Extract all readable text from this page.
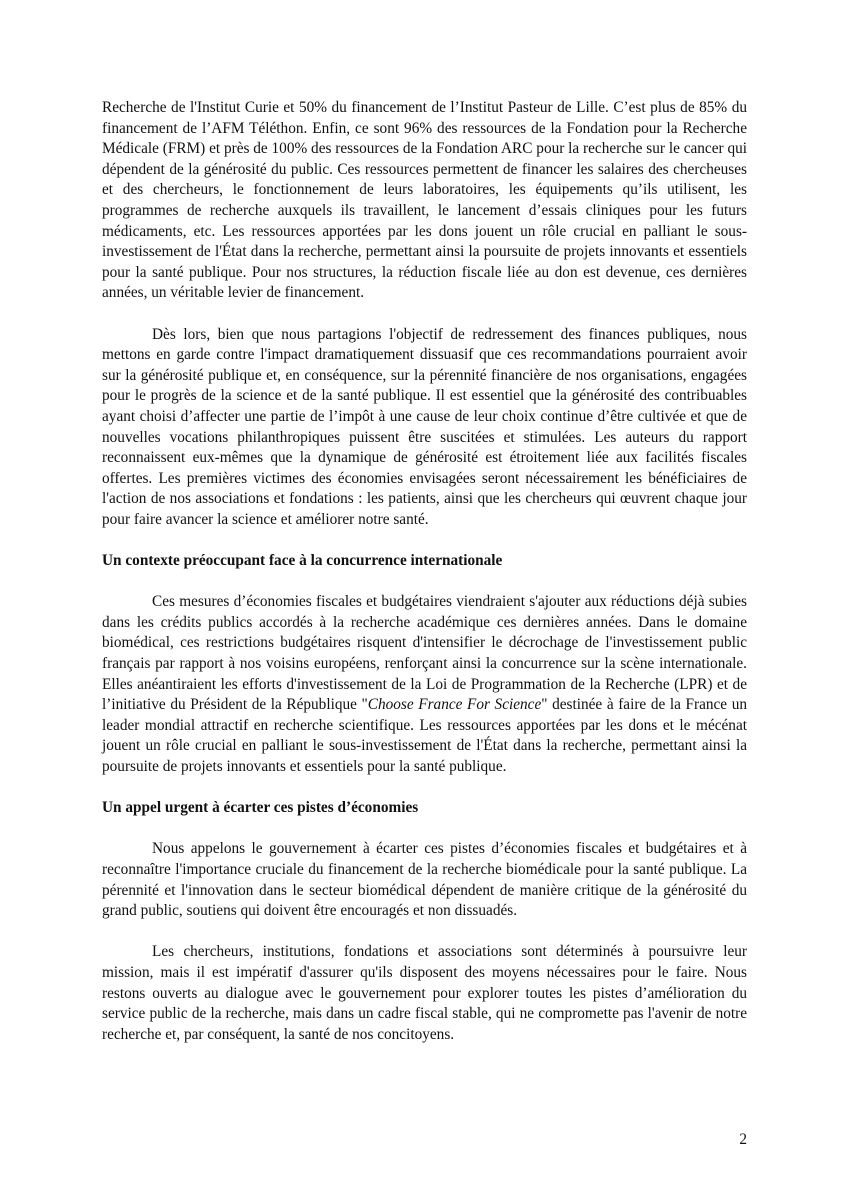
Recherche de l'Institut Curie et 50% du financement de l’Institut Pasteur de Lille. C’est plus de 85% du financement de l’AFM Téléthon. Enfin, ce sont 96% des ressources de la Fondation pour la Recherche Médicale (FRM) et près de 100% des ressources de la Fondation ARC pour la recherche sur le cancer qui dépendent de la générosité du public. Ces ressources permettent de financer les salaires des chercheuses et des chercheurs, le fonctionnement de leurs laboratoires, les équipements qu’ils utilisent, les programmes de recherche auxquels ils travaillent, le lancement d’essais cliniques pour les futurs médicaments, etc. Les ressources apportées par les dons jouent un rôle crucial en palliant le sous-investissement de l'État dans la recherche, permettant ainsi la poursuite de projets innovants et essentiels pour la santé publique. Pour nos structures, la réduction fiscale liée au don est devenue, ces dernières années, un véritable levier de financement.

Dès lors, bien que nous partagions l'objectif de redressement des finances publiques, nous mettons en garde contre l'impact dramatiquement dissuasif que ces recommandations pourraient avoir sur la générosité publique et, en conséquence, sur la pérennité financière de nos organisations, engagées pour le progrès de la science et de la santé publique. Il est essentiel que la générosité des contribuables ayant choisi d’affecter une partie de l’impôt à une cause de leur choix continue d’être cultivée et que de nouvelles vocations philanthropiques puissent être suscitées et stimulées. Les auteurs du rapport reconnaissent eux-mêmes que la dynamique de générosité est étroitement liée aux facilités fiscales offertes. Les premières victimes des économies envisagées seront nécessairement les bénéficiaires de l'action de nos associations et fondations : les patients, ainsi que les chercheurs qui œuvrent chaque jour pour faire avancer la science et améliorer notre santé.

Un contexte préoccupant face à la concurrence internationale

Ces mesures d’économies fiscales et budgétaires viendraient s'ajouter aux réductions déjà subies dans les crédits publics accordés à la recherche académique ces dernières années. Dans le domaine biomédical, ces restrictions budgétaires risquent d'intensifier le décrochage de l'investissement public français par rapport à nos voisins européens, renforçant ainsi la concurrence sur la scène internationale. Elles anéantiraient les efforts d'investissement de la Loi de Programmation de la Recherche (LPR) et de l’initiative du Président de la République "Choose France For Science" destinée à faire de la France un leader mondial attractif en recherche scientifique. Les ressources apportées par les dons et le mécénat jouent un rôle crucial en palliant le sous-investissement de l'État dans la recherche, permettant ainsi la poursuite de projets innovants et essentiels pour la santé publique.

Un appel urgent à écarter ces pistes d’économies

Nous appelons le gouvernement à écarter ces pistes d’économies fiscales et budgétaires et à reconnaître l'importance cruciale du financement de la recherche biomédicale pour la santé publique. La pérennité et l'innovation dans le secteur biomédical dépendent de manière critique de la générosité du grand public, soutiens qui doivent être encouragés et non dissuadés.

Les chercheurs, institutions, fondations et associations sont déterminés à poursuivre leur mission, mais il est impératif d'assurer qu'ils disposent des moyens nécessaires pour le faire. Nous restons ouverts au dialogue avec le gouvernement pour explorer toutes les pistes d’amélioration du service public de la recherche, mais dans un cadre fiscal stable, qui ne compromette pas l'avenir de notre recherche et, par conséquent, la santé de nos concitoyens.

2
